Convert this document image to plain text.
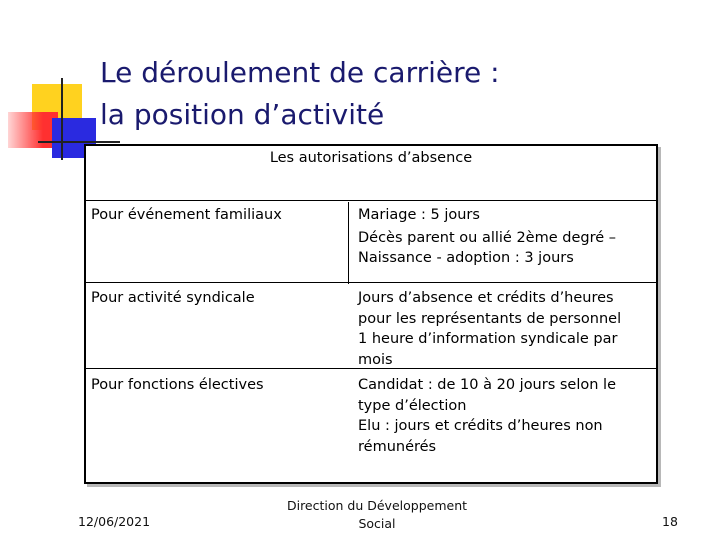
Le déroulement de carrière :
la position d’activité
Les autorisations d’absence
Pour événement familiaux	Mariage : 5 jours
Décès parent ou allié 2ème degré –
Naissance - adoption : 3 jours
Pour activité syndicale	Jours d’absence et crédits d’heures
pour les représentants de personnel
1 heure d’information syndicale par
mois
Pour fonctions électives	Candidat : de 10 à 20 jours selon le
type d’élection
Elu : jours et crédits d’heures non
rémunérés
12/06/2021
Direction du Développement
Social	18
